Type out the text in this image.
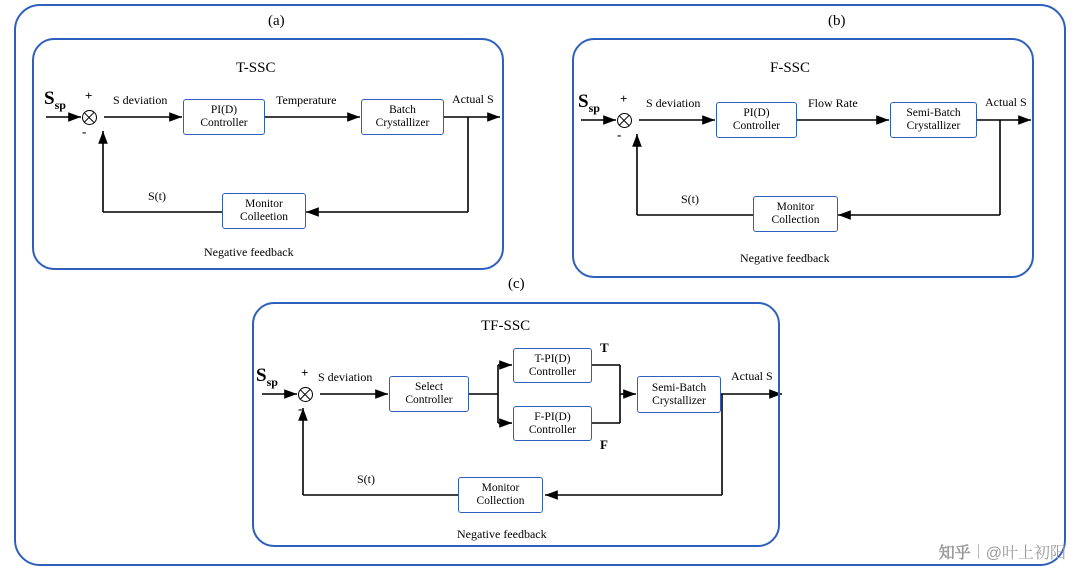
(a)
T-SSC
$S_{sp}$
+
-
S deviation
PI(D)
Controller
Temperature
Batch
Crystallizer
Actual S
S(t)
Monitor
Colleetion
Negative feedback
(b)
F-SSC
$S_{sp}$
+
-
S deviation
PI(D)
Controller
Flow Rate
Semi-Batch
Crystallizer
Actual S
S(t)
Monitor
Collection
Negative feedback
(c)
TF-SSC
$S_{sp}$
+
-
S deviation
Select
Controller
T-PI(D)
Controller
T
F-PI(D)
Controller
F
Semi-Batch
Crystallizer
Actual S
S(t)
Monitor
Collection
Negative feedback
知乎 @叶上初阳
